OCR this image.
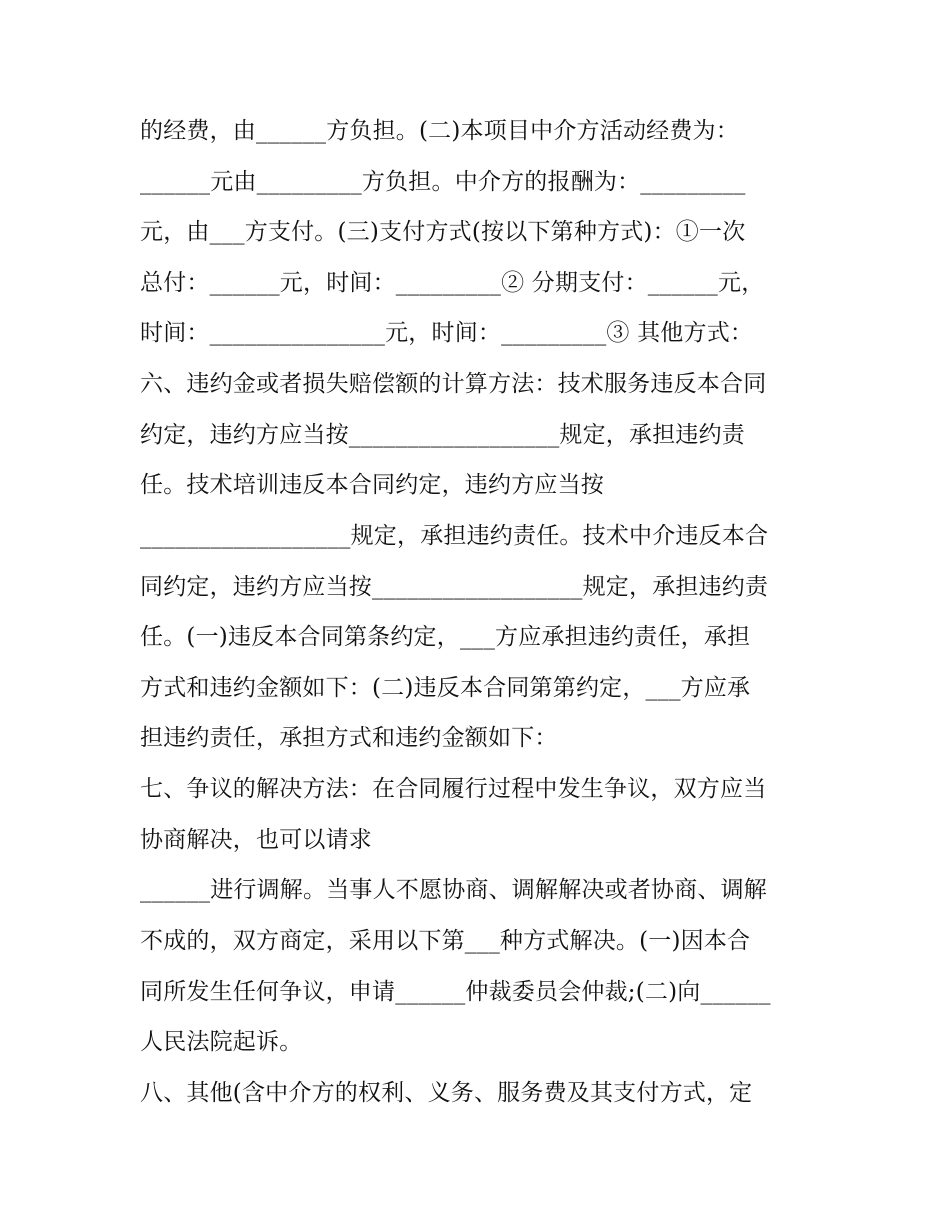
的经费，由______方负担。(二)本项目中介方活动经费为：
______元由_________方负担。中介方的报酬为：_________
元，由___方支付。(三)支付方式(按以下第种方式)：①一次
总付：______元，时间：_________② 分期支付：______元，
时间：_______________元，时间：_________③ 其他方式：
六、违约金或者损失赔偿额的计算方法：技术服务违反本合同
约定，违约方应当按__________________规定，承担违约责
任。技术培训违反本合同约定，违约方应当按
__________________规定，承担违约责任。技术中介违反本合
同约定，违约方应当按__________________规定，承担违约责
任。(一)违反本合同第条约定，___方应承担违约责任，承担
方式和违约金额如下：(二)违反本合同第第约定，___方应承
担违约责任，承担方式和违约金额如下：
七、争议的解决方法：在合同履行过程中发生争议，双方应当
协商解决，也可以请求
______进行调解。当事人不愿协商、调解解决或者协商、调解
不成的，双方商定，采用以下第___种方式解决。(一)因本合
同所发生任何争议，申请______仲裁委员会仲裁;(二)向______
人民法院起诉。
八、其他(含中介方的权利、义务、服务费及其支付方式，定
